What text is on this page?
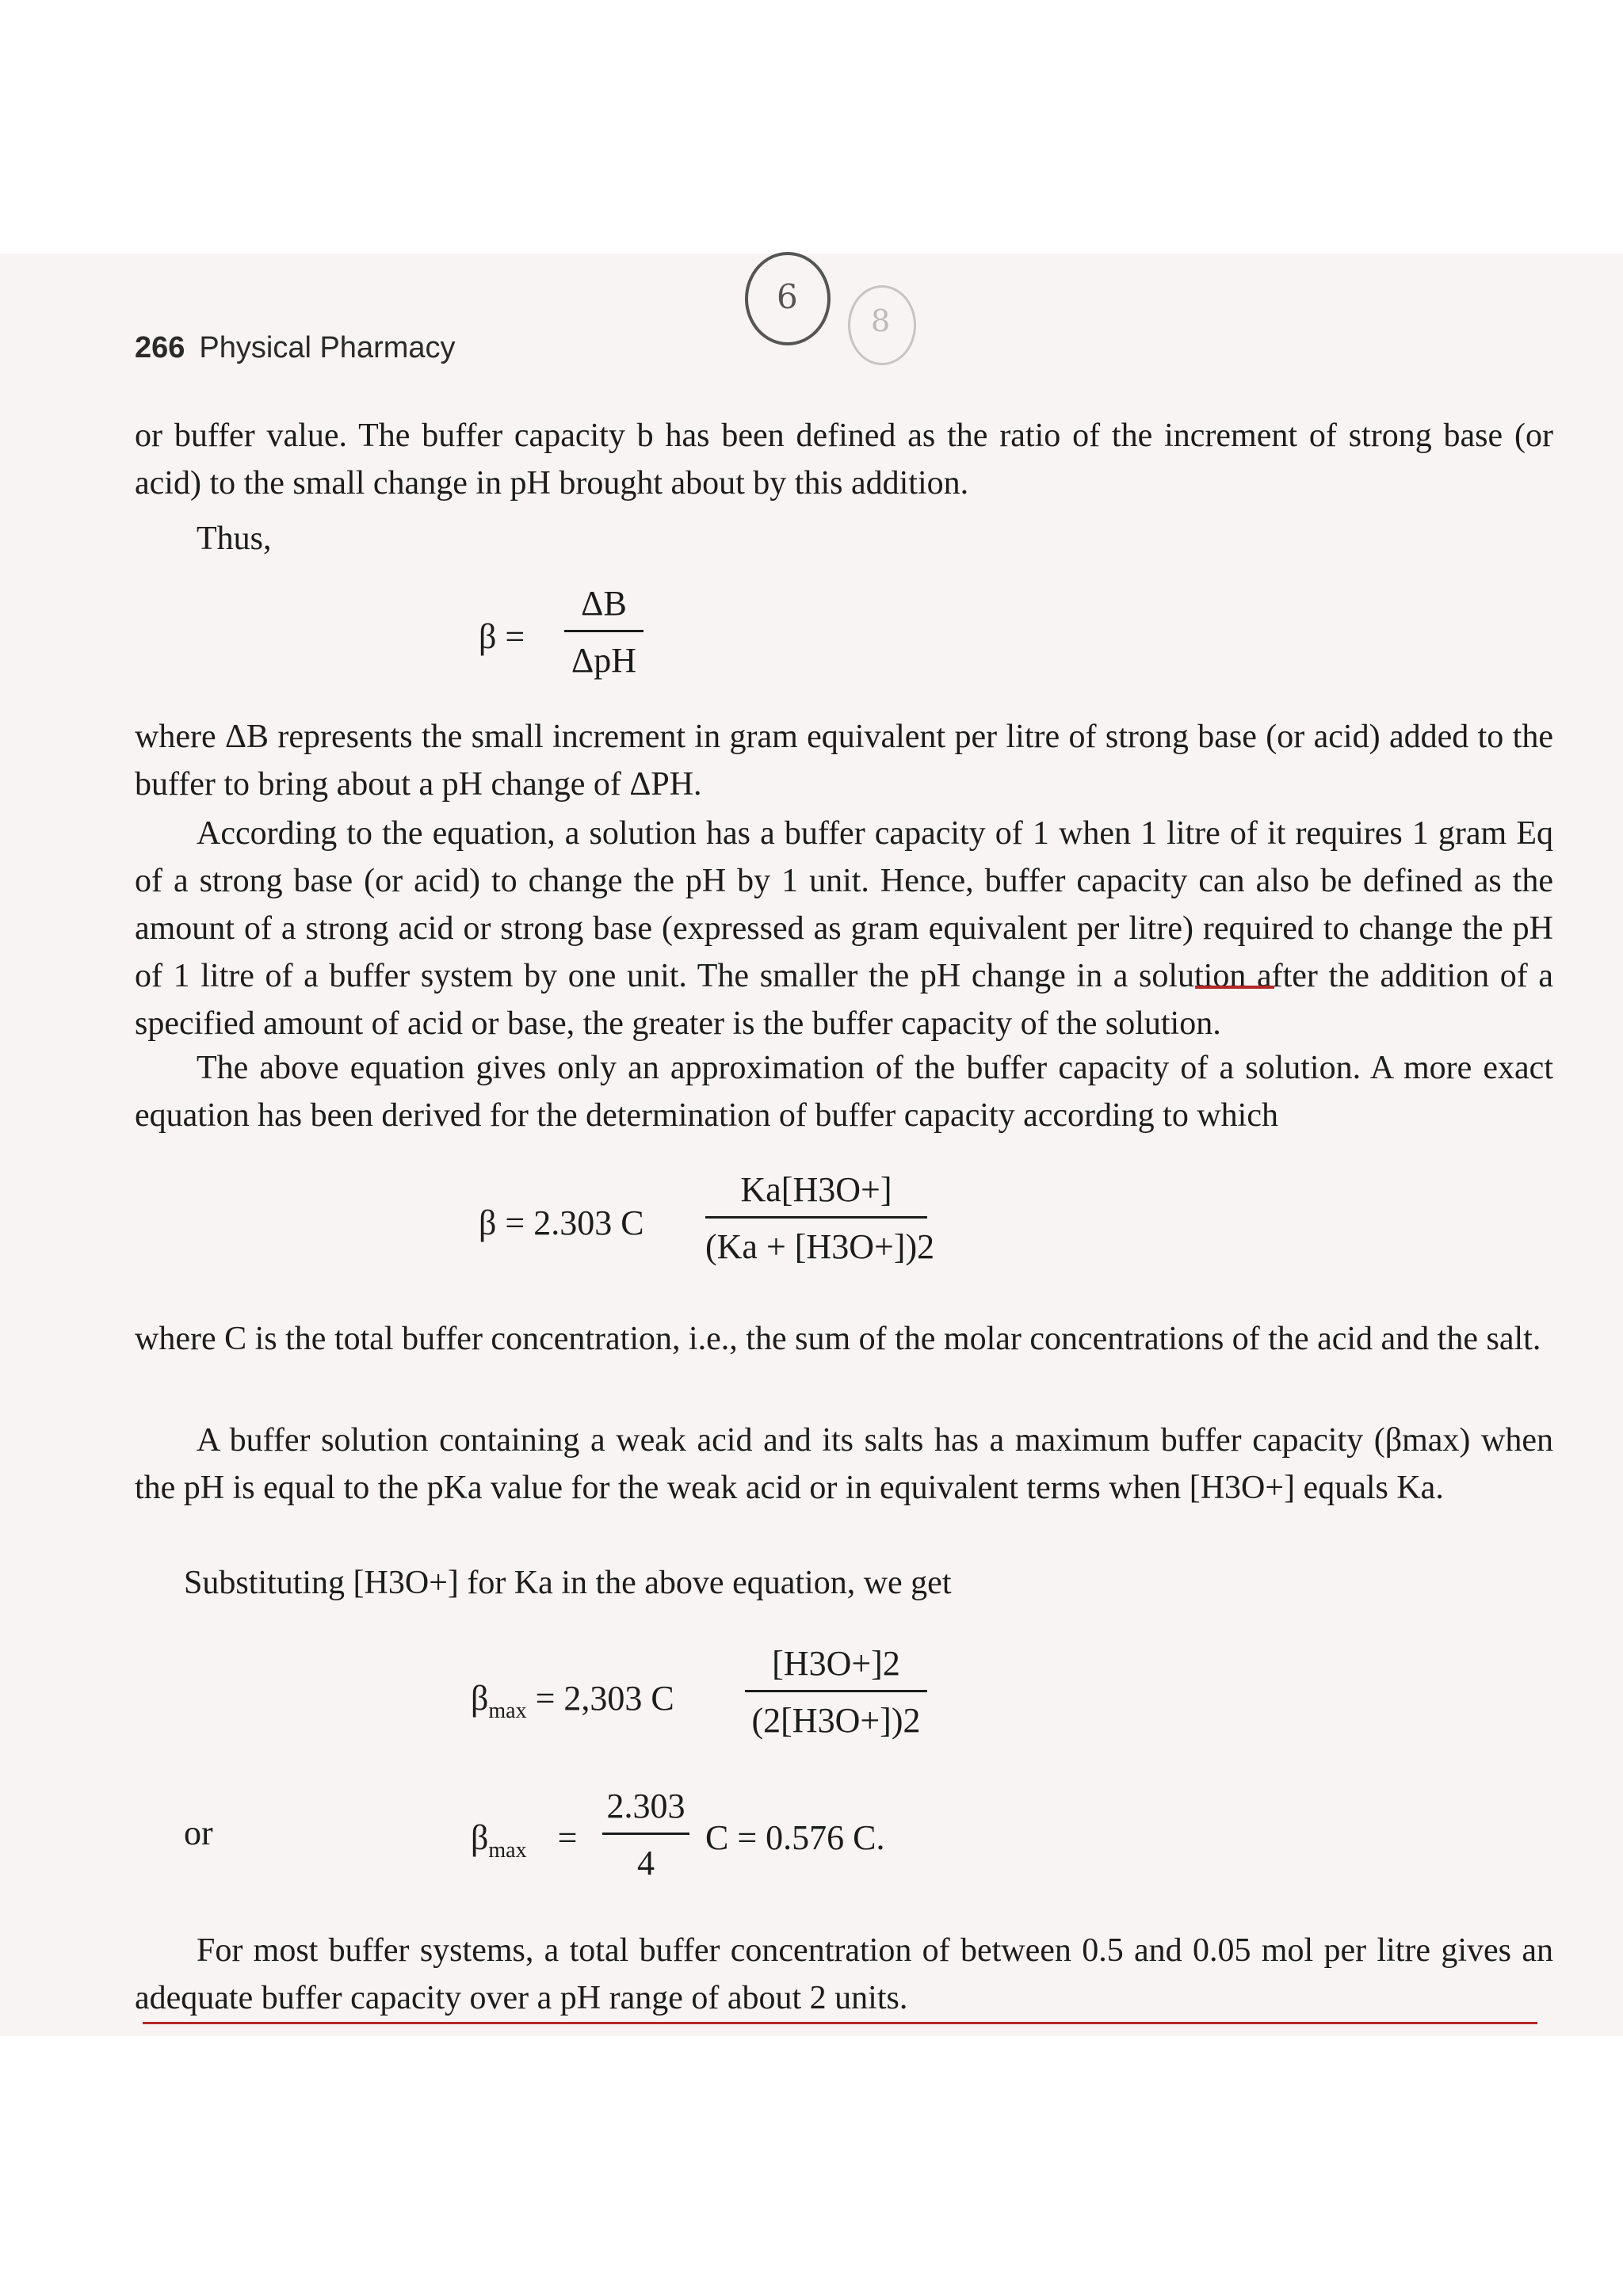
266 Physical Pharmacy
6
8
or buffer value. The buffer capacity b has been defined as the ratio of the increment of strong base (or acid) to the small change in pH brought about by this addition.
Thus,
β =
ΔB
ΔpH
where ΔB represents the small increment in gram equivalent per litre of strong base (or acid) added to the buffer to bring about a pH change of ΔPH.
According to the equation, a solution has a buffer capacity of 1 when 1 litre of it requires 1 gram Eq of a strong base (or acid) to change the pH by 1 unit. Hence, buffer capacity can also be defined as the amount of a strong acid or strong base (expressed as gram equivalent per litre) required to change the pH of 1 litre of a buffer system by one unit. The smaller the pH change in a solution after the addition of a specified amount of acid or base, the greater is the buffer capacity of the solution.
The above equation gives only an approximation of the buffer capacity of a solution. A more exact equation has been derived for the determination of buffer capacity according to which
β = 2.303 C
Ka[H3O+]
(Ka + [H3O+])2
where C is the total buffer concentration, i.e., the sum of the molar concentrations of the acid and the salt.
A buffer solution containing a weak acid and its salts has a maximum buffer capacity (βmax) when the pH is equal to the pKa value for the weak acid or in equivalent terms when [H3O+] equals Ka.
Substituting [H3O+] for Ka in the above equation, we get
$\beta_{max} = 2,303$ C
[H3O+]2
(2[H3O+])2
or	$\beta_{max}$ =
2.303
4
C = 0.576 C.
For most buffer systems, a total buffer concentration of between 0.5 and 0.05 mol per litre gives an adequate buffer capacity over a pH range of about 2 units.
